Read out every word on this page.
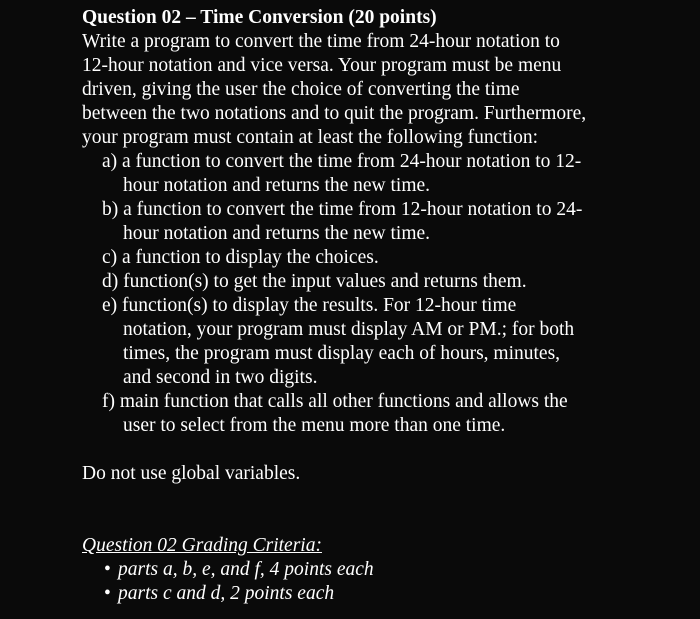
Question 02 – Time Conversion (20 points)
Write a program to convert the time from 24-hour notation to
12-hour notation and vice versa. Your program must be menu
driven, giving the user the choice of converting the time
between the two notations and to quit the program. Furthermore,
your program must contain at least the following function:
a) a function to convert the time from 24-hour notation to 12-
hour notation and returns the new time.
b) a function to convert the time from 12-hour notation to 24-
hour notation and returns the new time.
c) a function to display the choices.
d) function(s) to get the input values and returns them.
e) function(s) to display the results. For 12-hour time
notation, your program must display AM or PM.; for both
times, the program must display each of hours, minutes,
and second in two digits.
f) main function that calls all other functions and allows the
user to select from the menu more than one time.
Do not use global variables.
Question 02 Grading Criteria:
• parts a, b, e, and f, 4 points each
• parts c and d, 2 points each
